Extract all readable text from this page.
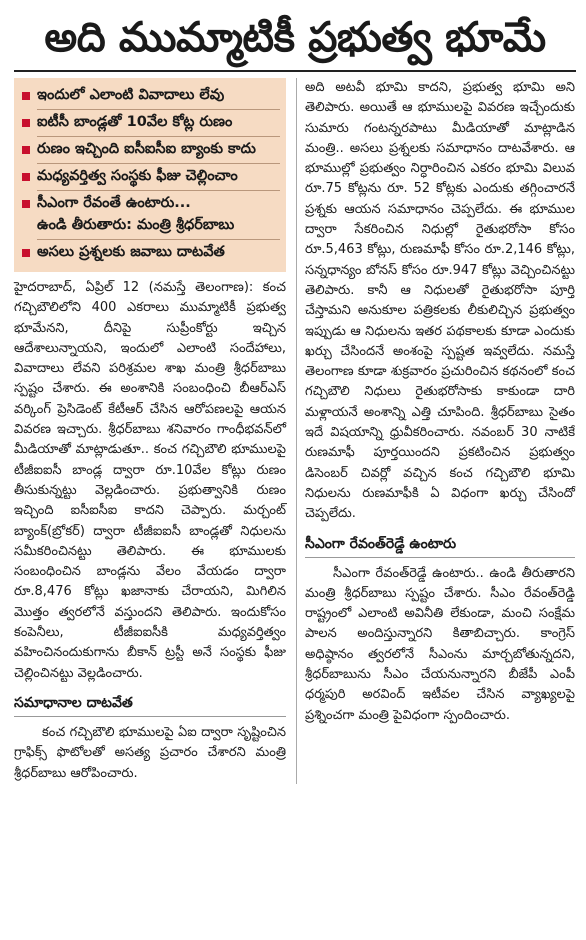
అది ముమ్మాటికీ ప్రభుత్వ భూమే
ఇందులో ఎలాంటి వివాదాలు లేవు
ఐటీసీ బాండ్లతో 10వేల కోట్ల రుణం
రుణం ఇచ్చింది ఐసీఐసీఐ బ్యాంకు కాదు
మధ్యవర్తిత్వ సంస్థకు ఫీజు చెల్లించాం
సీఎంగా రేవంతే ఉంటారు...
ఉండి తీరుతారు: మంత్రి శ్రీధర్‌బాబు
అసలు ప్రశ్నలకు జవాబు దాటవేత

హైదరాబాద్, ఏప్రిల్ 12 (నమస్తే తెలంగాణ): కంచ గచ్చిబౌలిలోని 400 ఎకరాలు ముమ్మాటికీ ప్రభుత్వ భూమేనని, దీనిపై సుప్రీంకోర్టు ఇచ్చిన ఆదేశాలున్నాయని, ఇందులో ఎలాంటి సందేహాలు, వివాదాలు లేవని పరిశ్రమల శాఖ మంత్రి శ్రీధర్‌బాబు స్పష్టం చేశారు. ఈ అంశానికి సంబంధించి బీఆర్ఎస్ వర్కింగ్ ప్రెసిడెంట్ కేటీఆర్ చేసిన ఆరోపణలపై ఆయన వివరణ ఇచ్చారు. శ్రీధర్‌బాబు శనివారం గాంధీభవన్‌లో మీడియాతో మాట్లాడుతూ.. కంచ గచ్చిబౌలి భూములపై టీజీఐఐసీ బాండ్ల ద్వారా రూ.10వేల కోట్లు రుణం తీసుకున్నట్టు వెల్లడించారు. ప్రభుత్వానికి రుణం ఇచ్చింది ఐసీఐసీఐ కాదని చెప్పారు. మర్చంట్ బ్యాంక్(బ్రోకర్) ద్వారా టీజీఐఐసీ బాండ్లతో నిధులను సమీకరించినట్టు తెలిపారు. ఈ భూములకు సంబంధించిన బాండ్లను వేలం వేయడం ద్వారా రూ.8,476 కోట్లు ఖజానాకు చేరాయని, మిగిలిన మొత్తం త్వరలోనే వస్తుందని తెలిపారు. ఇందుకోసం కంపెనీలు, టీజీఐఐసీకి మధ్యవర్తిత్వం వహించినందుకుగాను బీకాన్ ట్రస్టీ అనే సంస్థకు ఫీజు చెల్లించినట్టు వెల్లడించారు.

సమాధానాల దాటవేత

కంచ గచ్చిబౌలి భూములపై ఏఐ ద్వారా సృష్టించిన గ్రాఫిక్స్ ఫొటోలతో అసత్య ప్రచారం చేశారని మంత్రి శ్రీధర్‌బాబు ఆరోపించారు.

అది అటవీ భూమి కాదని, ప్రభుత్వ భూమి అని తెలిపారు. అయితే ఆ భూములపై వివరణ ఇచ్చేందుకు సుమారు గంటన్నరపాటు మీడియాతో మాట్లాడిన మంత్రి.. అసలు ప్రశ్నలకు సమాధానం దాటవేశారు. ఆ భూముల్లో ప్రభుత్వం నిర్ధారించిన ఎకరం భూమి విలువ రూ.75 కోట్లను రూ. 52 కోట్లకు ఎందుకు తగ్గించారనే ప్రశ్నకు ఆయన సమాధానం చెప్పలేదు. ఈ భూముల ద్వారా సేకరించిన నిధుల్లో రైతుభరోసా కోసం రూ.5,463 కోట్లు, రుణమాఫీ కోసం రూ.2,146 కోట్లు, సన్నధాన్యం బోనస్ కోసం రూ.947 కోట్లు వెచ్చించినట్టు తెలిపారు. కానీ ఆ నిధులతో రైతుభరోసా పూర్తి చేస్తామని అనుకూల పత్రికలకు లీకులిచ్చిన ప్రభుత్వం ఇప్పుడు ఆ నిధులను ఇతర పథకాలకు కూడా ఎందుకు ఖర్చు చేసిందనే అంశంపై స్పష్టత ఇవ్వలేదు. నమస్తే తెలంగాణ కూడా శుక్రవారం ప్రచురించిన కథనంలో కంచ గచ్చిబౌలి నిధులు రైతుభరోసాకు కాకుండా దారి మళ్లాయనే అంశాన్ని ఎత్తి చూపింది. శ్రీధర్‌బాబు సైతం ఇదే విషయాన్ని ధ్రువీకరించారు. నవంబర్ 30 నాటికే రుణమాఫీ పూర్తయిందని ప్రకటించిన ప్రభుత్వం డిసెంబర్ చివర్లో వచ్చిన కంచ గచ్చిబౌలి భూమి నిధులను రుణమాఫీకి ఏ విధంగా ఖర్చు చేసిందో చెప్పలేదు.

సీఎంగా రేవంత్‌రెడ్డే ఉంటారు

సీఎంగా రేవంత్‌రెడ్డే ఉంటారు.. ఉండి తీరుతారని మంత్రి శ్రీధర్‌బాబు స్పష్టం చేశారు. సీఎం రేవంత్‌రెడ్డి రాష్ట్రంలో ఎలాంటి అవినీతి లేకుండా, మంచి సంక్షేమ పాలన అందిస్తున్నారని కితాబిచ్చారు. కాంగ్రెస్ అధిష్ఠానం త్వరలోనే సీఎంను మార్చబోతున్నదని, శ్రీధర్‌బాబును సీఎం చేయనున్నారని బీజేపీ ఎంపీ ధర్మపురి అరవింద్ ఇటీవల చేసిన వ్యాఖ్యలపై ప్రశ్నించగా మంత్రి పైవిధంగా స్పందించారు.
